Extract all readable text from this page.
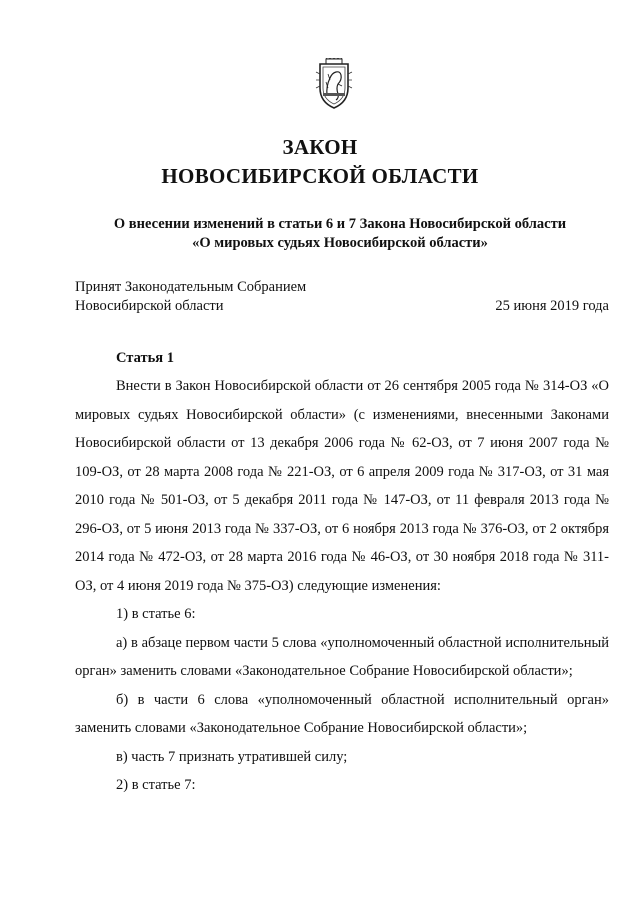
ЗАКОН
НОВОСИБИРСКОЙ ОБЛАСТИ
О внесении изменений в статьи 6 и 7 Закона Новосибирской области
«О мировых судьях Новосибирской области»
Принят Законодательным Собранием
Новосибирской области	25 июня 2019 года
Статья 1

Внести в Закон Новосибирской области от 26 сентября 2005 года № 314-ОЗ «О мировых судьях Новосибирской области» (с изменениями, внесенными Законами Новосибирской области от 13 декабря 2006 года № 62-ОЗ, от 7 июня 2007 года № 109-ОЗ, от 28 марта 2008 года № 221-ОЗ, от 6 апреля 2009 года № 317-ОЗ, от 31 мая 2010 года № 501-ОЗ, от 5 декабря 2011 года № 147-ОЗ, от 11 февраля 2013 года № 296-ОЗ, от 5 июня 2013 года № 337-ОЗ, от 6 ноября 2013 года № 376-ОЗ, от 2 октября 2014 года № 472-ОЗ, от 28 марта 2016 года № 46-ОЗ, от 30 ноября 2018 года № 311-ОЗ, от 4 июня 2019 года № 375-ОЗ) следующие изменения:

1) в статье 6:

а) в абзаце первом части 5 слова «уполномоченный областной исполнительный орган» заменить словами «Законодательное Собрание Новосибирской области»;

б) в части 6 слова «уполномоченный областной исполнительный орган» заменить словами «Законодательное Собрание Новосибирской области»;

в) часть 7 признать утратившей силу;

2) в статье 7:
